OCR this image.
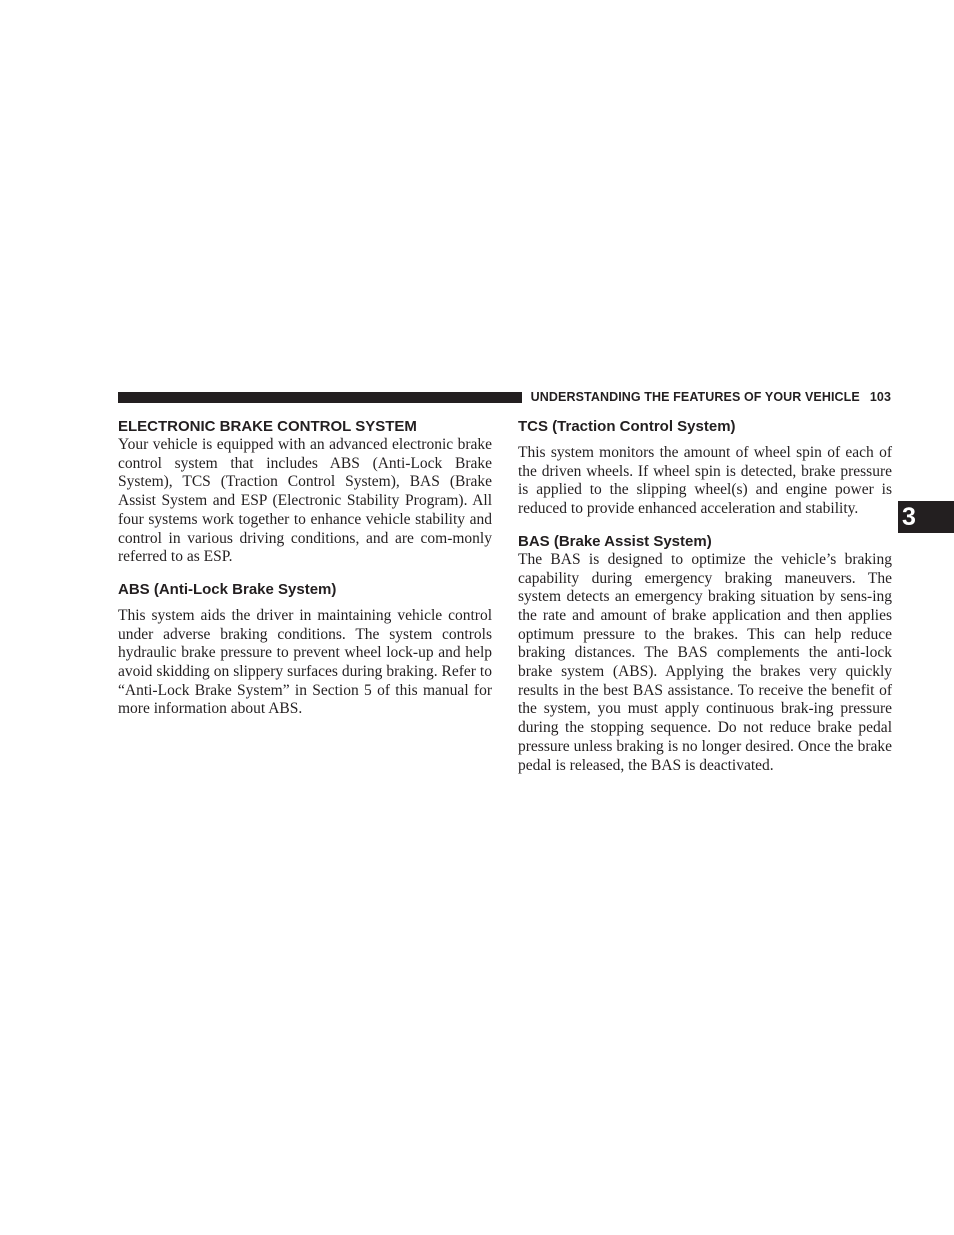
UNDERSTANDING THE FEATURES OF YOUR VEHICLE 103
3
ELECTRONIC BRAKE CONTROL SYSTEM

Your vehicle is equipped with an advanced electronic brake control system that includes ABS (Anti-Lock Brake System), TCS (Traction Control System), BAS (Brake Assist System and ESP (Electronic Stability Program). All four systems work together to enhance vehicle stability and control in various driving conditions, and are com-monly referred to as ESP.

ABS (Anti-Lock Brake System)

This system aids the driver in maintaining vehicle control under adverse braking conditions. The system controls hydraulic brake pressure to prevent wheel lock-up and help avoid skidding on slippery surfaces during braking. Refer to “Anti-Lock Brake System” in Section 5 of this manual for more information about ABS.

TCS (Traction Control System)

This system monitors the amount of wheel spin of each of the driven wheels. If wheel spin is detected, brake pressure is applied to the slipping wheel(s) and engine power is reduced to provide enhanced acceleration and stability.

BAS (Brake Assist System)

The BAS is designed to optimize the vehicle’s braking capability during emergency braking maneuvers. The system detects an emergency braking situation by sens-ing the rate and amount of brake application and then applies optimum pressure to the brakes. This can help reduce braking distances. The BAS complements the anti-lock brake system (ABS). Applying the brakes very quickly results in the best BAS assistance. To receive the benefit of the system, you must apply continuous brak-ing pressure during the stopping sequence. Do not reduce brake pedal pressure unless braking is no longer desired. Once the brake pedal is released, the BAS is deactivated.
